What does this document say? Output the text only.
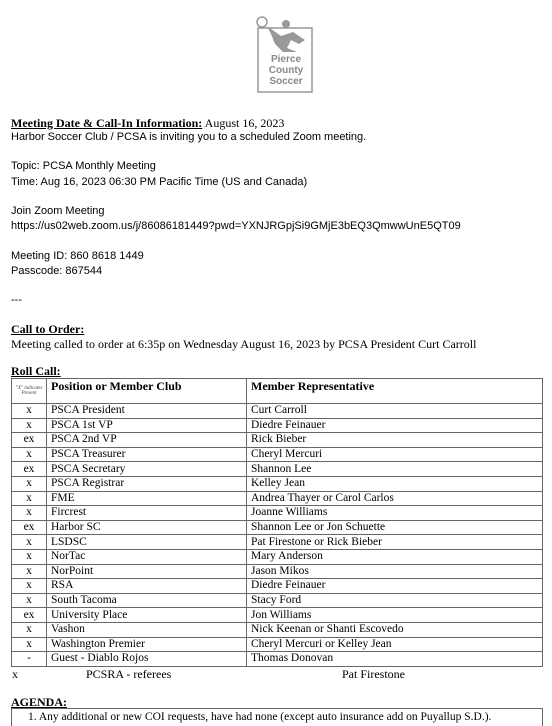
Pierce
County
Soccer
Meeting Date & Call-In Information: August 16, 2023
Harbor Soccer Club / PCSA is inviting you to a scheduled Zoom meeting.
Topic: PCSA Monthly Meeting
Time: Aug 16, 2023 06:30 PM Pacific Time (US and Canada)
Join Zoom Meeting
https://us02web.zoom.us/j/86086181449?pwd=YXNJRGpjSi9GMjE3bEQ3QmwwUnE5QT09
Meeting ID: 860 8618 1449
Passcode: 867544
---
Call to Order:
Meeting called to order at 6:35p on Wednesday August 16, 2023 by PCSA President Curt Carroll
Roll Call:
"X" indicates Present	Position or Member Club	Member Representative
x	PSCA President	Curt Carroll
x	PSCA 1st VP	Diedre Feinauer
ex	PSCA 2nd VP	Rick Bieber
x	PSCA Treasurer	Cheryl Mercuri
ex	PSCA Secretary	Shannon Lee
x	PSCA Registrar	Kelley Jean
x	FME	Andrea Thayer or Carol Carlos
x	Fircrest	Joanne Williams
ex	Harbor SC	Shannon Lee or Jon Schuette
x	LSDSC	Pat Firestone or Rick Bieber
x	NorTac	Mary Anderson
x	NorPoint	Jason Mikos
x	RSA	Diedre Feinauer
x	South Tacoma	Stacy Ford
ex	University Place	Jon Williams
x	Vashon	Nick Keenan or Shanti Escovedo
x	Washington Premier	Cheryl Mercuri or Kelley Jean
-	Guest - Diablo Rojos	Thomas Donovan
x	PCSRA - referees	Pat Firestone
AGENDA:
1. Any additional or new COI requests, have had none (except auto insurance add on Puyallup S.D.).
